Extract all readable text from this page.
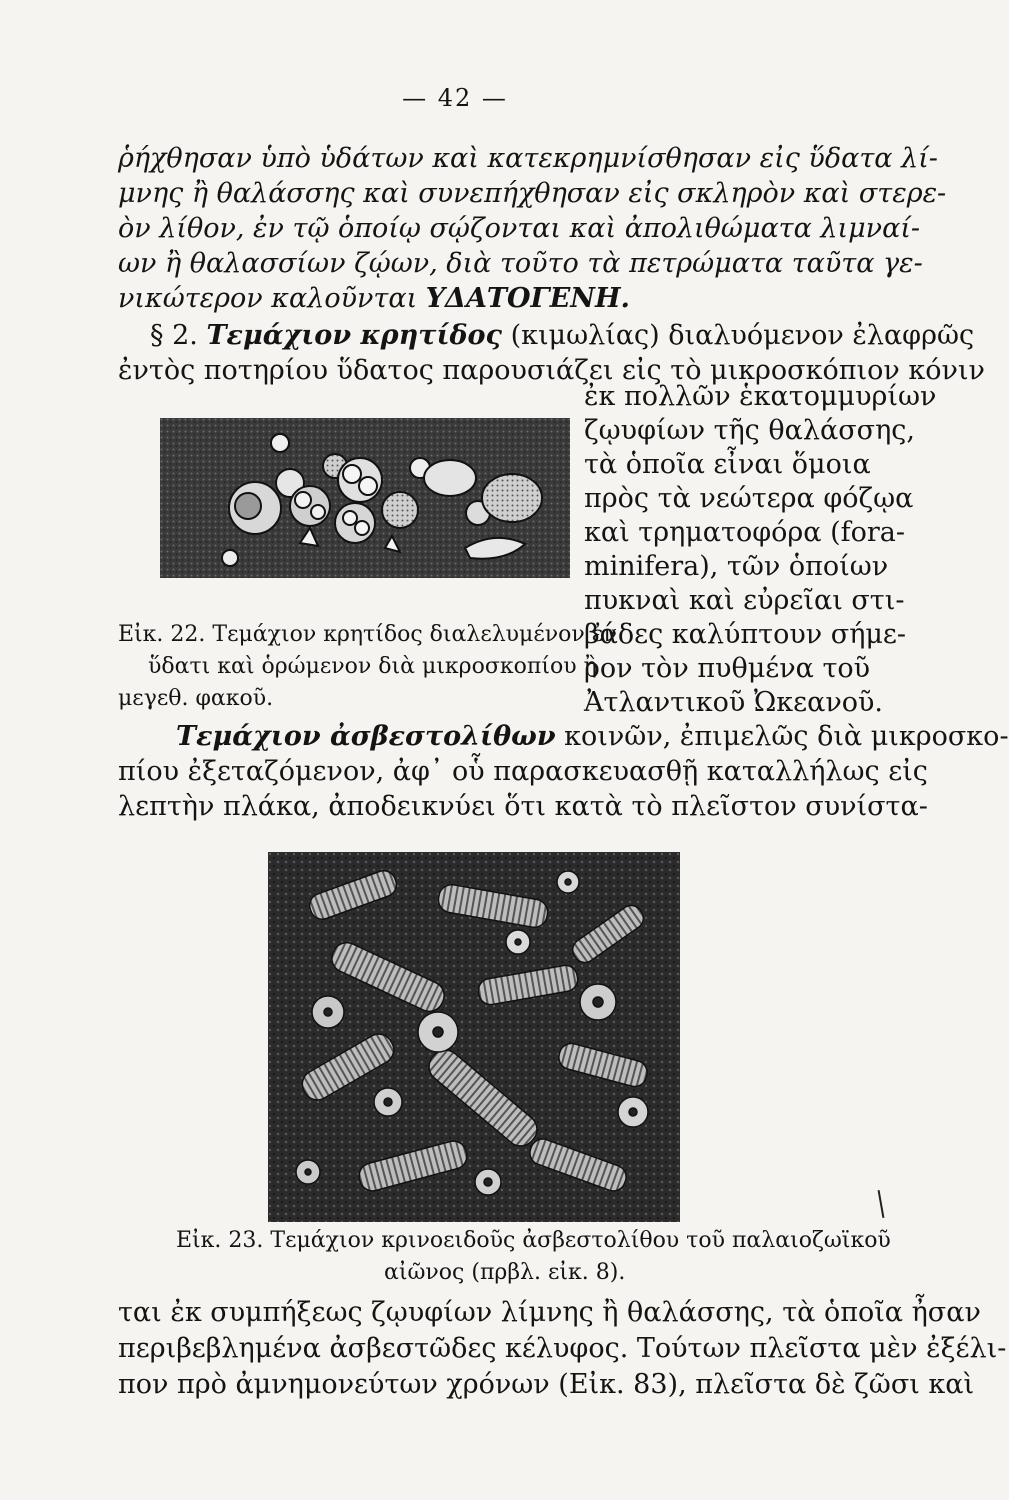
— 42 —
ῥήχθησαν ὑπὸ ὑδάτων καὶ κατεκρημνίσθησαν εἰς ὕδατα λί-
μνης ἢ θαλάσσης καὶ συνεπήχθησαν εἰς σκληρὸν καὶ στερε-
ὸν λίθον, ἐν τῷ ὁποίῳ σῴζονται καὶ ἀπολιθώματα λιμναί-
ων ἢ θαλασσίων ζῴων, διὰ τοῦτο τὰ πετρώματα ταῦτα γε-
νικώτερον καλοῦνται ΥΔΑΤΟΓΕΝΗ.
§ 2. Τεμάχιον κρητίδος (κιμωλίας) διαλυόμενον ἐλαφρῶς
ἐντὸς ποτηρίου ὕδατος παρουσιάζει εἰς τὸ μικροσκόπιον κόνιν
ἐκ πολλῶν ἑκατομμυρίων
ζῳυφίων τῆς θαλάσσης,
τὰ ὁποῖα εἶναι ὅμοια
πρὸς τὰ νεώτερα φόζῳα
καὶ τρηματοφόρα (fora-
minifera), τῶν ὁποίων
πυκναὶ καὶ εὐρεῖαι στι-
βάδες καλύπτουν σήμε-
ρον τὸν πυθμένα τοῦ
Ἀτλαντικοῦ Ὠκεανοῦ.
Εἰκ. 22. Τεμάχιον κρητίδος διαλελυμένον ἐν
ὕδατι καὶ ὁρώμενον διὰ μικροσκοπίου ἢ
μεγεθ. φακοῦ.
Τεμάχιον ἀσβεστολίθων κοινῶν, ἐπιμελῶς διὰ μικροσκο-
πίου ἐξεταζόμενον, ἀφ᾽ οὗ παρασκευασθῇ καταλλήλως εἰς
λεπτὴν πλάκα, ἀποδεικνύει ὅτι κατὰ τὸ πλεῖστον συνίστα-
Εἰκ. 23. Τεμάχιον κρινοειδοῦς ἀσβεστολίθου τοῦ παλαιοζωϊκοῦ
αἰῶνος (πρβλ. εἰκ. 8).
ται ἐκ συμπήξεως ζῳυφίων λίμνης ἢ θαλάσσης, τὰ ὁποῖα ἦσαν
περιβεβλημένα ἀσβεστῶδες κέλυφος. Τούτων πλεῖστα μὲν ἐξέλι-
πον πρὸ ἀμνημονεύτων χρόνων (Εἰκ. 83), πλεῖστα δὲ ζῶσι καὶ
